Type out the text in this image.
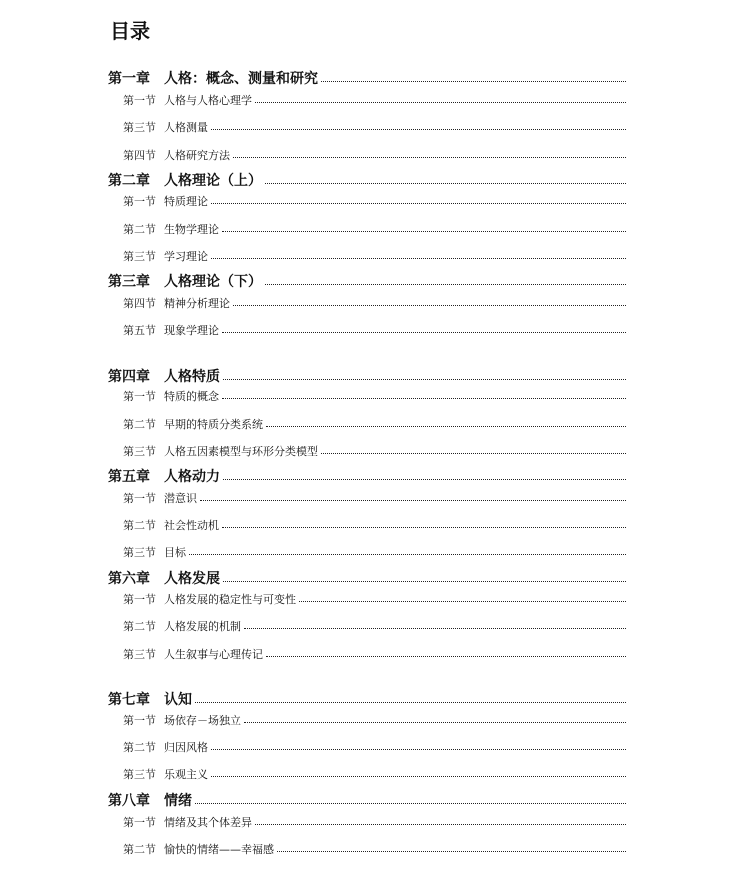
目录
第一章 人格：概念、测量和研究
第一节 人格与人格心理学
第三节 人格测量
第四节 人格研究方法
第二章 人格理论（上）
第一节 特质理论
第二节 生物学理论
第三节 学习理论
第三章 人格理论（下）
第四节 精神分析理论
第五节 现象学理论
第四章 人格特质
第一节 特质的概念
第二节 早期的特质分类系统
第三节 人格五因素模型与环形分类模型
第五章 人格动力
第一节 潜意识
第二节 社会性动机
第三节 目标
第六章 人格发展
第一节 人格发展的稳定性与可变性
第二节 人格发展的机制
第三节 人生叙事与心理传记
第七章 认知
第一节 场依存－场独立
第二节 归因风格
第三节 乐观主义
第八章 情绪
第一节 情绪及其个体差异
第二节 愉快的情绪——幸福感
